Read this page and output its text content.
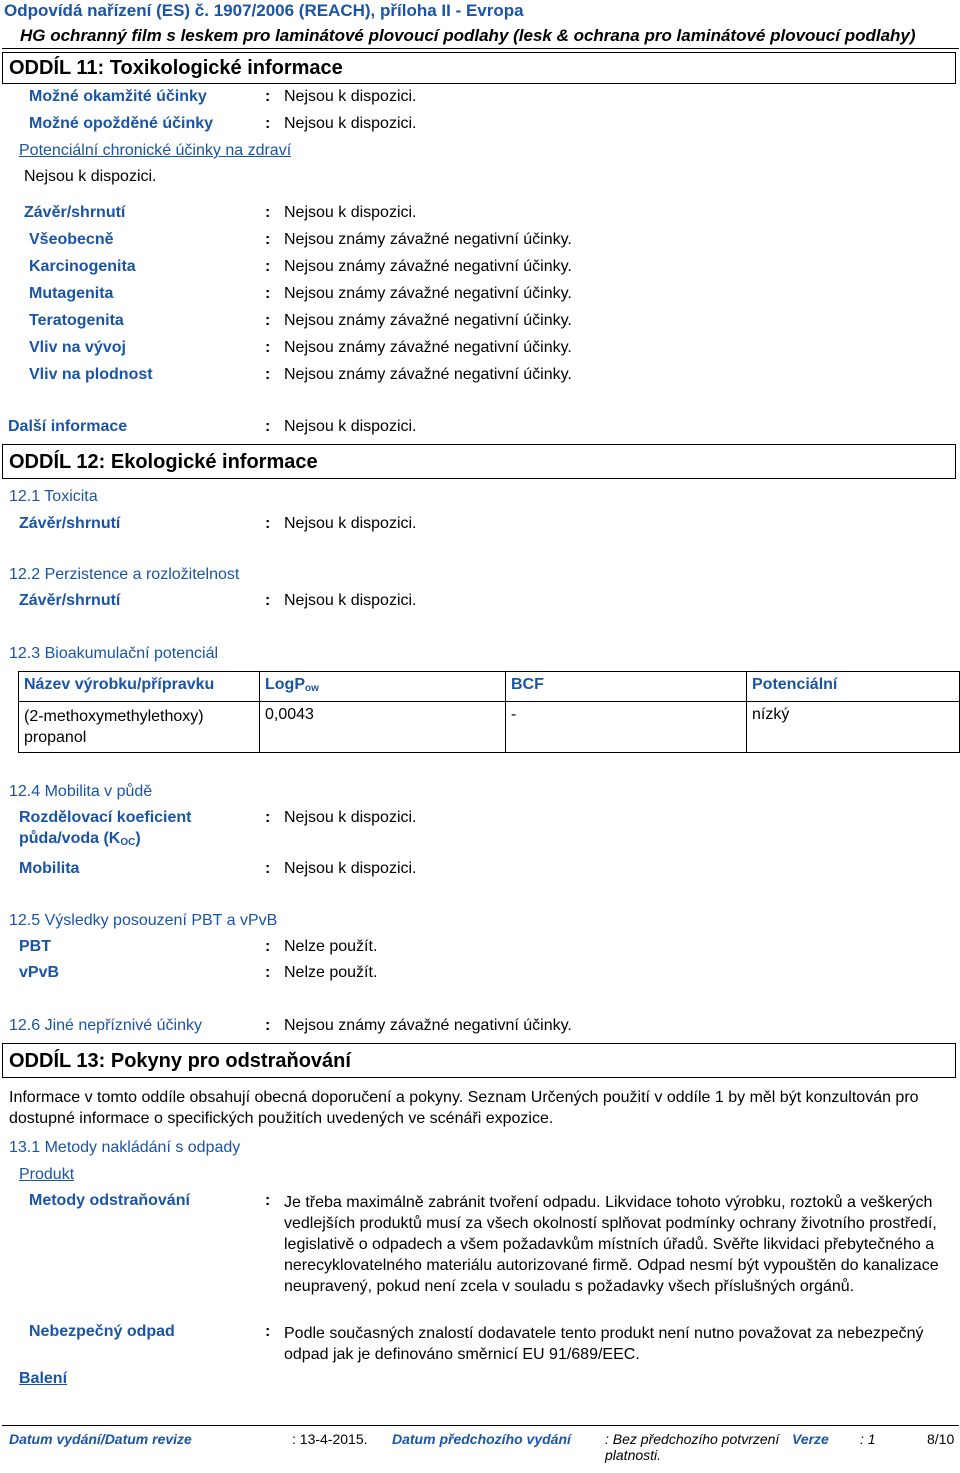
Odpovídá nařízení (ES) č. 1907/2006 (REACH), příloha II - Evropa
HG ochranný film s leskem pro laminátové plovoucí podlahy (lesk & ochrana pro laminátové plovoucí podlahy)
ODDÍL 11: Toxikologické informace
Možné okamžité účinky	: Nejsou k dispozici.
Možné opožděné účinky	: Nejsou k dispozici.
Potenciální chronické účinky na zdraví
Nejsou k dispozici.
Závěr/shrnutí	: Nejsou k dispozici.
Všeobecně	: Nejsou známy závažné negativní účinky.
Karcinogenita	: Nejsou známy závažné negativní účinky.
Mutagenita	: Nejsou známy závažné negativní účinky.
Teratogenita	: Nejsou známy závažné negativní účinky.
Vliv na vývoj	: Nejsou známy závažné negativní účinky.
Vliv na plodnost	: Nejsou známy závažné negativní účinky.
Další informace	: Nejsou k dispozici.
ODDÍL 12: Ekologické informace
12.1 Toxicita
Závěr/shrnutí	: Nejsou k dispozici.
12.2 Perzistence a rozložitelnost
Závěr/shrnutí	: Nejsou k dispozici.
12.3 Bioakumulační potenciál
Název výrobku/přípravku	LogP$_{ow}$	BCF	Potenciální
(2-methoxymethylethoxy) propanol	0,0043	-	nízký
12.4 Mobilita v půdě
Rozdělovací koeficient
půda/voda $(K_{OC})$
: Nejsou k dispozici.
Mobilita	: Nejsou k dispozici.
12.5 Výsledky posouzení PBT a vPvB
PBT	: Nelze použít.
vPvB	: Nelze použít.
12.6 Jiné nepříznivé účinky	: Nejsou známy závažné negativní účinky.
ODDÍL 13: Pokyny pro odstraňování
Informace v tomto oddíle obsahují obecná doporučení a pokyny. Seznam Určených použití v oddíle 1 by měl být konzultován pro dostupné informace o specifických použitích uvedených ve scénáři expozice.
13.1 Metody nakládání s odpady
Produkt
Metody odstraňování	: Je třeba maximálně zabránit tvoření odpadu. Likvidace tohoto výrobku, roztoků a veškerých vedlejších produktů musí za všech okolností splňovat podmínky ochrany životního prostředí, legislativě o odpadech a všem požadavkům místních úřadů. Svěřte likvidaci přebytečného a nerecyklovatelného materiálu autorizované firmě. Odpad nesmí být vypouštěn do kanalizace neupravený, pokud není zcela v souladu s požadavky všech příslušných orgánů.
Nebezpečný odpad	: Podle současných znalostí dodavatele tento produkt není nutno považovat za nebezpečný odpad jak je definováno směrnicí EU 91/689/EEC.
Balení
Datum vydání/Datum revize	: 13-4-2015. Datum předchozího vydání : Bez předchozího potvrzení platnosti.
Verze : 1	8/10
